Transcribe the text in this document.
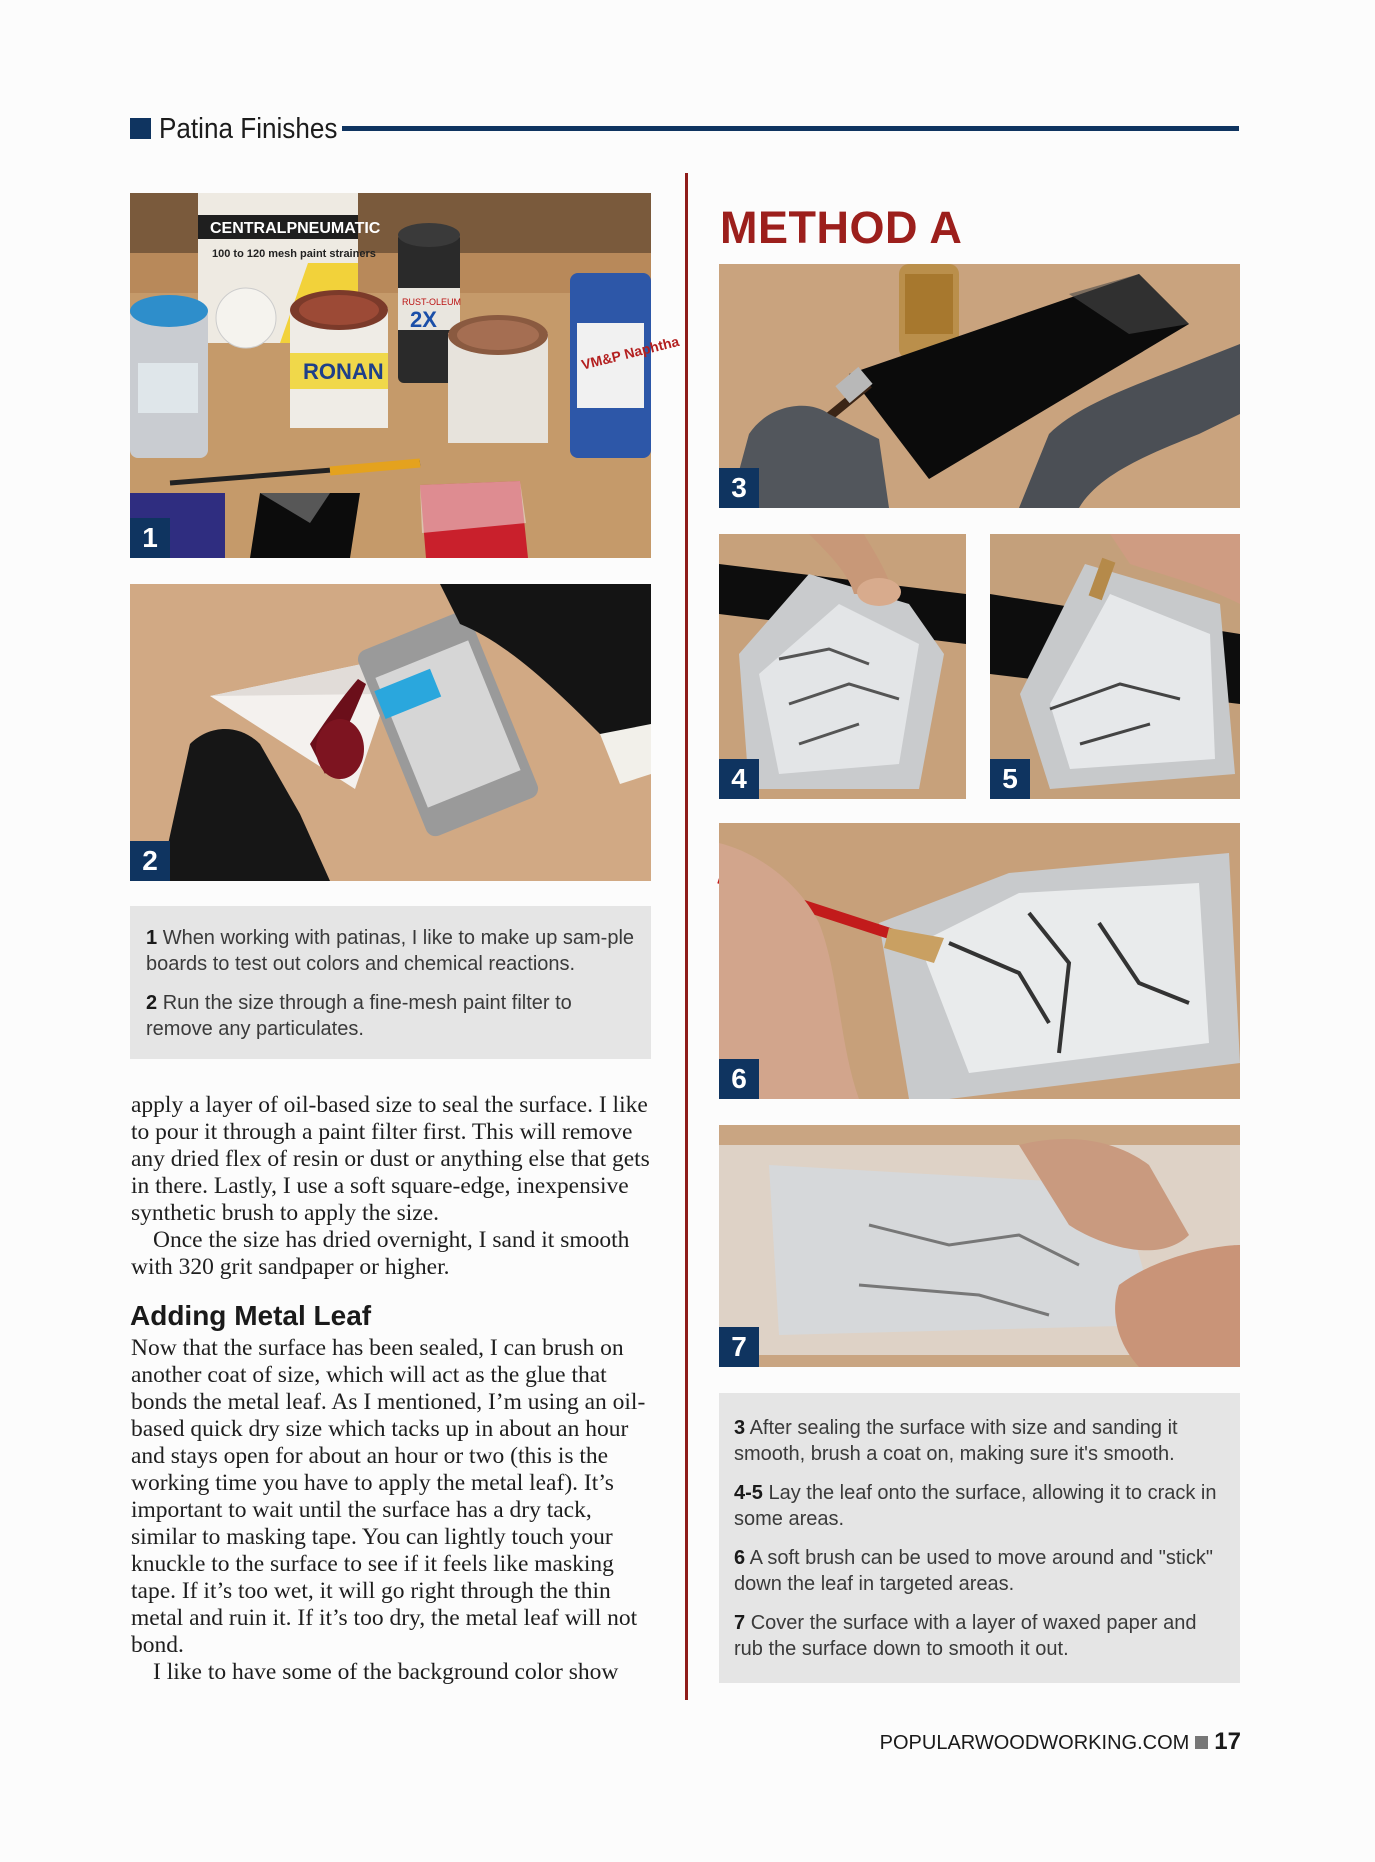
Patina Finishes
CENTRALPNEUMATIC
100 to 120 mesh paint strainers
RONAN
RUST-OLEUM
2X
VM&P Naphtha
1
2

1 When working with patinas, I like to make up sam-ple boards to test out colors and chemical reactions.

2 Run the size through a fine-mesh paint filter to remove any particulates.

apply a layer of oil-based size to seal the surface. I like to pour it through a paint filter first. This will remove any dried flex of resin or dust or anything else that gets in there. Lastly, I use a soft square-edge, inexpensive synthetic brush to apply the size.

Once the size has dried overnight, I sand it smooth with 320 grit sandpaper or higher.

Adding Metal Leaf

Now that the surface has been sealed, I can brush on another coat of size, which will act as the glue that bonds the metal leaf. As I mentioned, I’m using an oil-based quick dry size which tacks up in about an hour and stays open for about an hour or two (this is the working time you have to apply the metal leaf). It’s important to wait until the surface has a dry tack, similar to masking tape. You can lightly touch your knuckle to the surface to see if it feels like masking tape. If it’s too wet, it will go right through the thin metal and ruin it. If it’s too dry, the metal leaf will not bond.

I like to have some of the background color show

METHOD A
3
4	5
6
7

3 After sealing the surface with size and sanding it smooth, brush a coat on, making sure it's smooth.

4-5 Lay the leaf onto the surface, allowing it to crack in some areas.

6 A soft brush can be used to move around and "stick" down the leaf in targeted areas.

7 Cover the surface with a layer of waxed paper and rub the surface down to smooth it out.

POPULARWOODWORKING.COM 17
